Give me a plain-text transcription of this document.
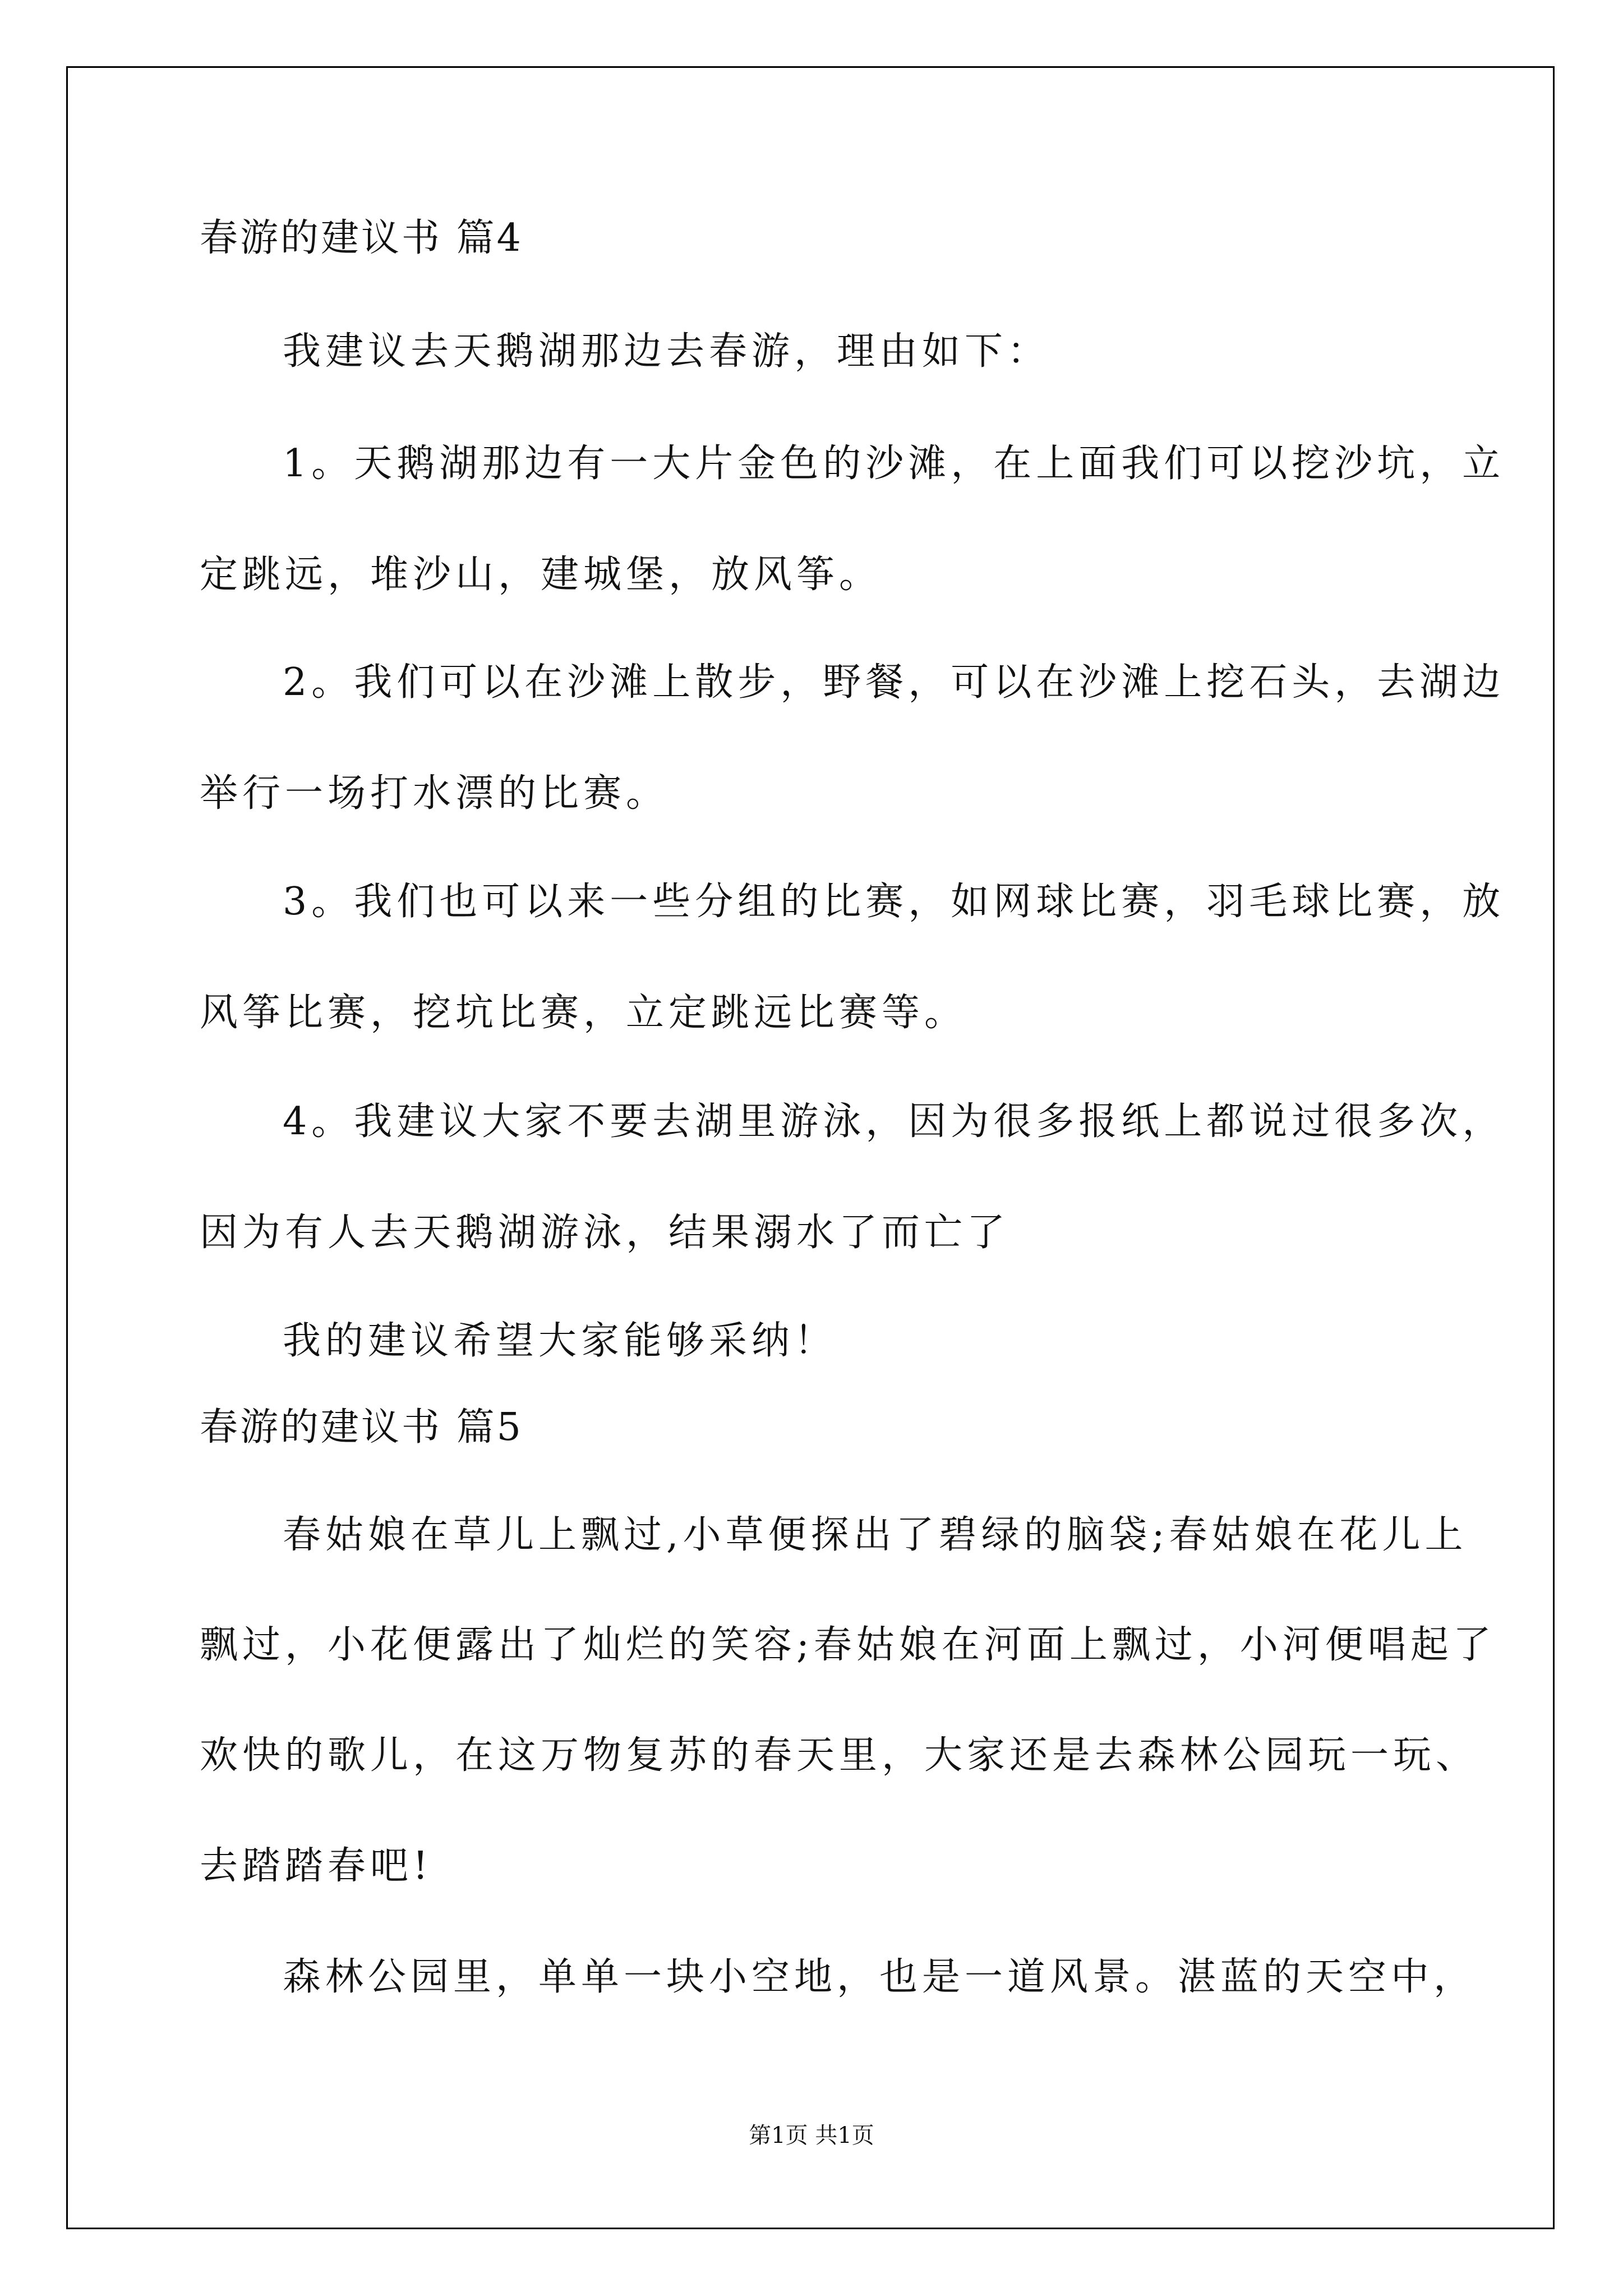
春游的建议书 篇4
我建议去天鹅湖那边去春游，理由如下：
1。天鹅湖那边有一大片金色的沙滩，在上面我们可以挖沙坑，立
定跳远，堆沙山，建城堡，放风筝。
2。我们可以在沙滩上散步，野餐，可以在沙滩上挖石头，去湖边
举行一场打水漂的比赛。
3。我们也可以来一些分组的比赛，如网球比赛，羽毛球比赛，放
风筝比赛，挖坑比赛，立定跳远比赛等。
4。我建议大家不要去湖里游泳，因为很多报纸上都说过很多次，
因为有人去天鹅湖游泳，结果溺水了而亡了
我的建议希望大家能够采纳！
春游的建议书 篇5
春姑娘在草儿上飘过,小草便探出了碧绿的脑袋;春姑娘在花儿上
飘过，小花便露出了灿烂的笑容;春姑娘在河面上飘过，小河便唱起了
欢快的歌儿，在这万物复苏的春天里，大家还是去森林公园玩一玩、
去踏踏春吧!
森林公园里，单单一块小空地，也是一道风景。湛蓝的天空中，
第1页 共1页
